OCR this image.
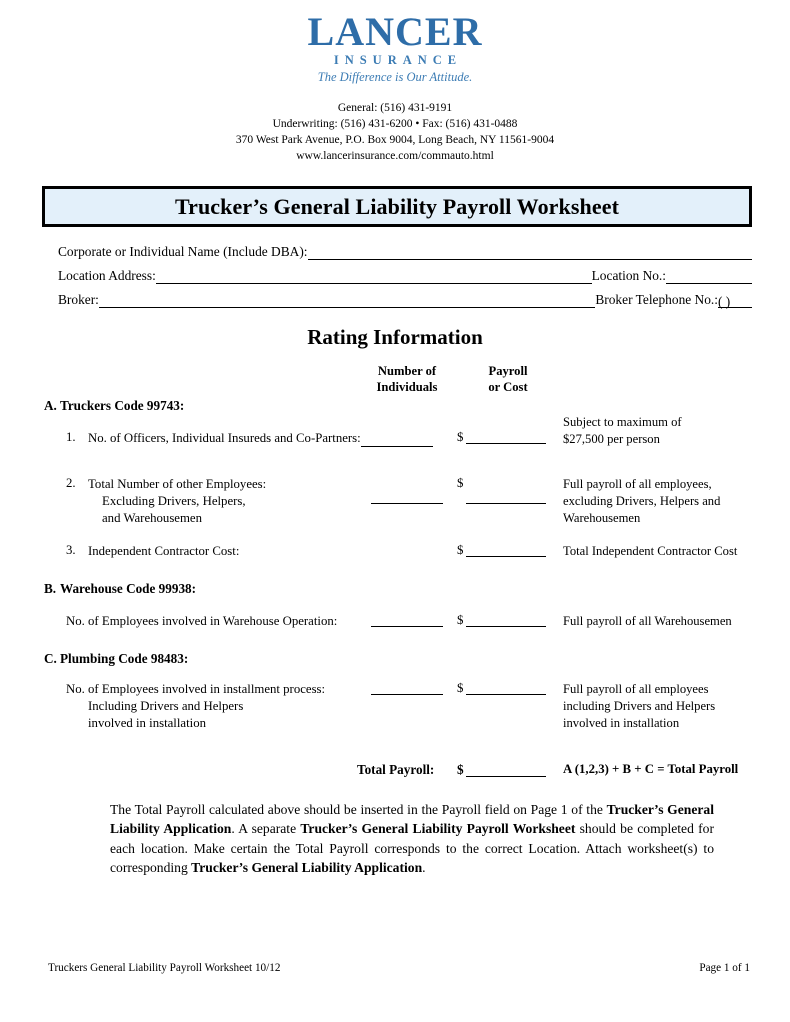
LANCER
INSURANCE
The Difference is Our Attitude.
General: (516) 431-9191
Underwriting: (516) 431-6200 • Fax: (516) 431-0488
370 West Park Avenue, P.O. Box 9004, Long Beach, NY 11561-9004
www.lancerinsurance.com/commauto.html
Trucker’s General Liability Payroll Worksheet
Corporate or Individual Name (Include DBA):
Location Address:	Location No.:
Broker:	Broker Telephone No.: ( )
Rating Information
Number of
Individuals
Payroll
or Cost
A. Truckers Code 99743:
1. No. of Officers, Individual Insureds and Co-Partners:	$
Subject to maximum of
$27,500 per person
2. Total Number of other Employees:
Excluding Drivers, Helpers,
and Warehousemen
$	Full payroll of all employees,
excluding Drivers, Helpers and
Warehousemen
3. Independent Contractor Cost:	$	Total Independent Contractor Cost
B. Warehouse Code 99938:
No. of Employees involved in Warehouse Operation:	$	Full payroll of all Warehousemen
C. Plumbing Code 98483:
No. of Employees involved in installment process:
Including Drivers and Helpers
involved in installation
$	Full payroll of all employees
including Drivers and Helpers
involved in installation
Total Payroll: $	A (1,2,3) + B + C = Total Payroll
The Total Payroll calculated above should be inserted in the Payroll field on Page 1 of the Trucker’s General Liability Application. A separate Trucker’s General Liability Payroll Worksheet should be completed for each location. Make certain the Total Payroll corresponds to the correct Location. Attach worksheet(s) to corresponding Trucker’s General Liability Application.
Truckers General Liability Payroll Worksheet 10/12	Page 1 of 1
